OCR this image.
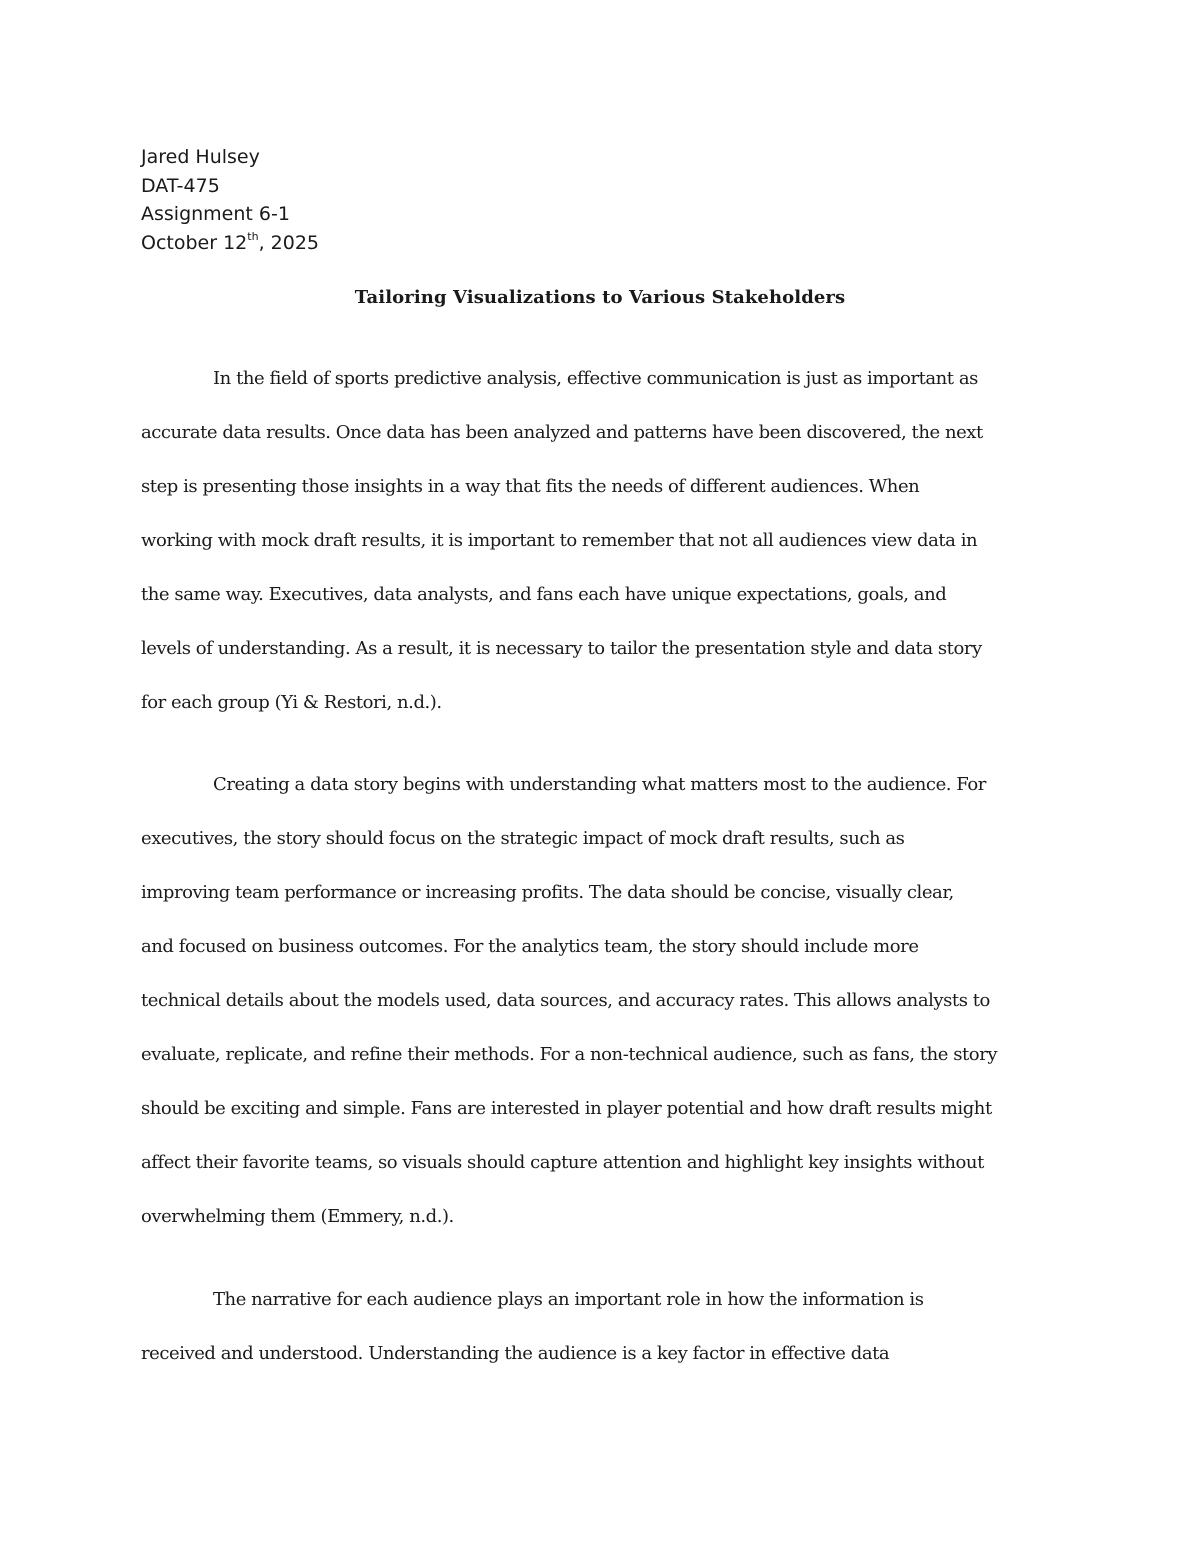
Jared Hulsey
DAT-475
Assignment 6-1
October 12th, 2025
Tailoring Visualizations to Various Stakeholders
In the field of sports predictive analysis, effective communication is just as important as
accurate data results. Once data has been analyzed and patterns have been discovered, the next
step is presenting those insights in a way that fits the needs of different audiences. When
working with mock draft results, it is important to remember that not all audiences view data in
the same way. Executives, data analysts, and fans each have unique expectations, goals, and
levels of understanding. As a result, it is necessary to tailor the presentation style and data story
for each group (Yi & Restori, n.d.).
Creating a data story begins with understanding what matters most to the audience. For
executives, the story should focus on the strategic impact of mock draft results, such as
improving team performance or increasing profits. The data should be concise, visually clear,
and focused on business outcomes. For the analytics team, the story should include more
technical details about the models used, data sources, and accuracy rates. This allows analysts to
evaluate, replicate, and refine their methods. For a non-technical audience, such as fans, the story
should be exciting and simple. Fans are interested in player potential and how draft results might
affect their favorite teams, so visuals should capture attention and highlight key insights without
overwhelming them (Emmery, n.d.).
The narrative for each audience plays an important role in how the information is
received and understood. Understanding the audience is a key factor in effective data
